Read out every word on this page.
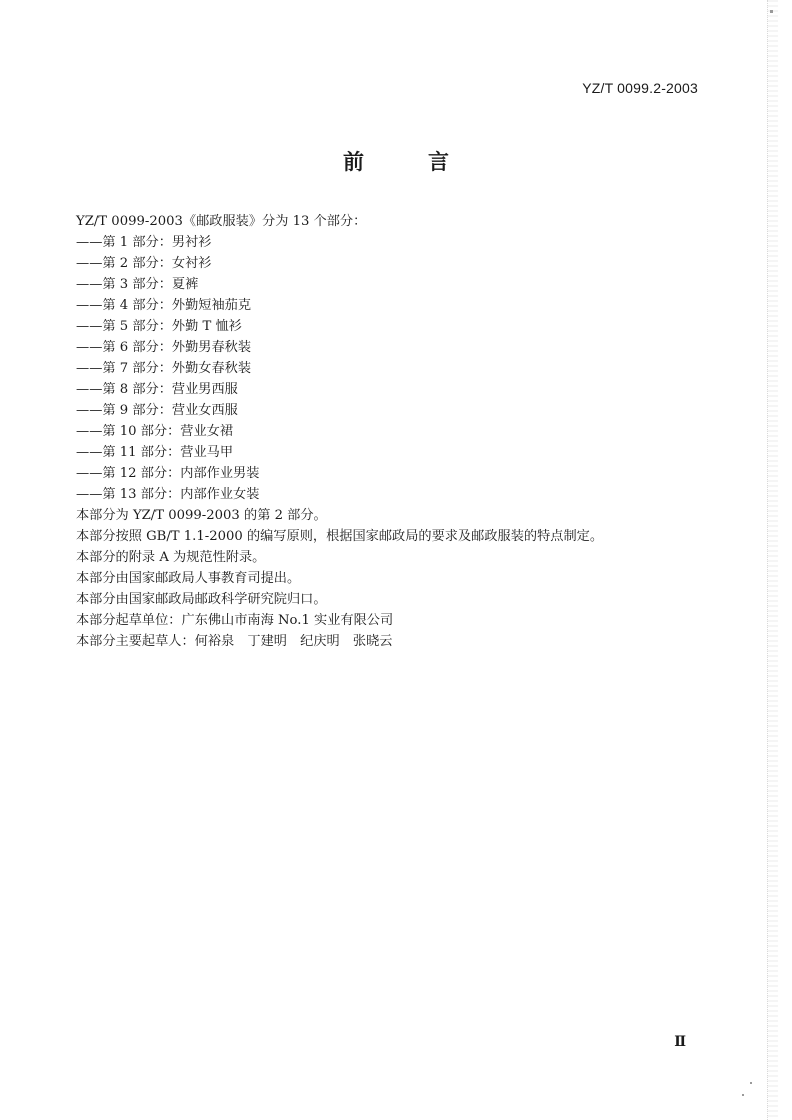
YZ/T 0099.2-2003
前	言
YZ/T 0099-2003《邮政服装》分为 13 个部分：
——第 1 部分：男衬衫
——第 2 部分：女衬衫
——第 3 部分：夏裤
——第 4 部分：外勤短袖茄克
——第 5 部分：外勤 T 恤衫
——第 6 部分：外勤男春秋装
——第 7 部分：外勤女春秋装
——第 8 部分：营业男西服
——第 9 部分：营业女西服
——第 10 部分：营业女裙
——第 11 部分：营业马甲
——第 12 部分：内部作业男装
——第 13 部分：内部作业女装
本部分为 YZ/T 0099-2003 的第 2 部分。
本部分按照 GB/T 1.1-2000 的编写原则，根据国家邮政局的要求及邮政服装的特点制定。
本部分的附录 A 为规范性附录。
本部分由国家邮政局人事教育司提出。
本部分由国家邮政局邮政科学研究院归口。
本部分起草单位：广东佛山市南海 No.1 实业有限公司
本部分主要起草人：何裕泉　丁建明　纪庆明　张晓云
Ⅱ
